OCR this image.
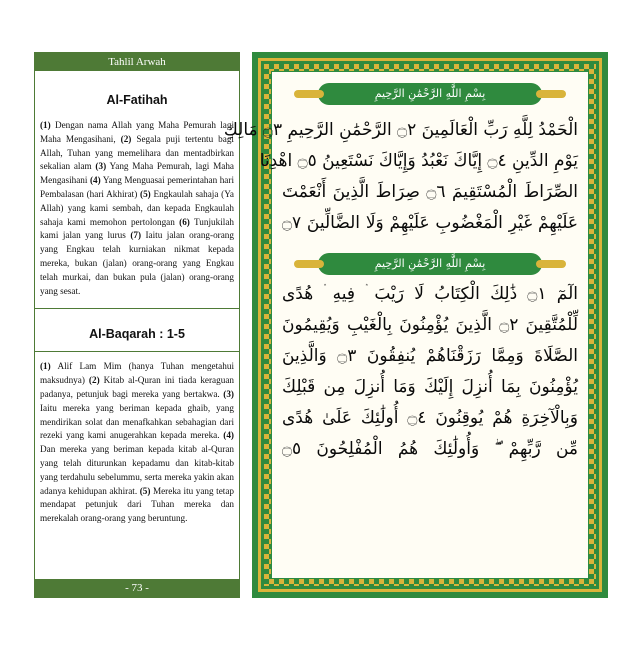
Tahlil Arwah
Al-Fatihah

(1) Dengan nama Allah yang Maha Pemurah lagi Maha Mengasihani, (2) Segala puji tertentu bagi Allah, Tuhan yang memelihara dan mentadbirkan sekalian alam (3) Yang Maha Pemurah, lagi Maha Mengasihani (4) Yang Menguasai pemerintahan hari Pembalasan (hari Akhirat) (5) Engkaulah sahaja (Ya Allah) yang kami sembah, dan kepada Engkaulah sahaja kami memohon pertolongan (6) Tunjukilah kami jalan yang lurus (7) Iaitu jalan orang-orang yang Engkau telah kurniakan nikmat kepada mereka, bukan (jalan) orang-orang yang Engkau telah murkai, dan bukan pula (jalan) orang-orang yang sesat.

Al-Baqarah : 1-5

(1) Alif Lam Mim (hanya Tuhan mengetahui maksudnya) (2) Kitab al-Quran ini tiada keraguan padanya, petunjuk bagi mereka yang bertakwa. (3) Iaitu mereka yang beriman kepada ghaib, yang mendirikan solat dan menafkahkan sebahagian dari rezeki yang kami anugerahkan kepada mereka. (4) Dan mereka yang beriman kepada kitab al-Quran yang telah diturunkan kepadamu dan kitab-kitab yang terdahulu sebelummu, serta mereka yakin akan adanya kehidupan akhirat. (5) Mereka itu yang tetap mendapat petunjuk dari Tuhan mereka dan merekalah orang-orang yang beruntung.

- 73 -
بِسْمِ اللَّهِ الرَّحْمَٰنِ الرَّحِيمِ

الْحَمْدُ لِلَّهِ رَبِّ الْعَالَمِينَ ۝٢ الرَّحْمَٰنِ الرَّحِيمِ ۝٣ مَالِكِ

يَوْمِ الدِّينِ ۝٤ إِيَّاكَ نَعْبُدُ وَإِيَّاكَ نَسْتَعِينُ ۝٥ اهْدِنَا

الصِّرَاطَ الْمُسْتَقِيمَ ۝٦ صِرَاطَ الَّذِينَ أَنْعَمْتَ

عَلَيْهِمْ غَيْرِ الْمَغْضُوبِ عَلَيْهِمْ وَلَا الضَّالِّينَ ۝٧

بِسْمِ اللَّهِ الرَّحْمَٰنِ الرَّحِيمِ

الٓمٓ ۝١ ذَٰلِكَ الْكِتَابُ لَا رَيْبَ ۛ فِيهِ ۛ هُدًى

لِّلْمُتَّقِينَ ۝٢ الَّذِينَ يُؤْمِنُونَ بِالْغَيْبِ وَيُقِيمُونَ

الصَّلَاةَ وَمِمَّا رَزَقْنَاهُمْ يُنفِقُونَ ۝٣ وَالَّذِينَ

يُؤْمِنُونَ بِمَا أُنزِلَ إِلَيْكَ وَمَا أُنزِلَ مِن قَبْلِكَ

وَبِالْآخِرَةِ هُمْ يُوقِنُونَ ۝٤ أُولَٰئِكَ عَلَىٰ هُدًى

مِّن رَّبِّهِمْ ۖ وَأُولَٰئِكَ هُمُ الْمُفْلِحُونَ ۝٥
